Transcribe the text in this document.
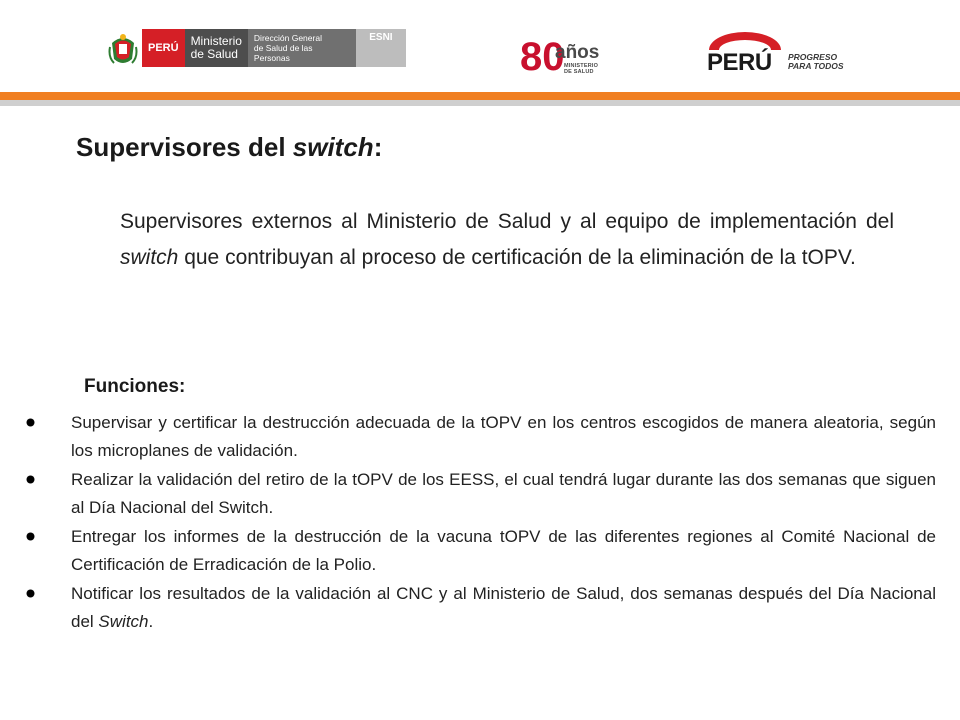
PERÚ	Ministerio
de Salud
Dirección General
de Salud de las Personas
ESNI	80
años
MINISTERIO
DE SALUD	PERÚ PROGRESO
PARA TODOS
Supervisores del switch:

Supervisores externos al Ministerio de Salud y al equipo de implementación del switch que contribuyan al proceso de certificación de la eliminación de la tOPV.

Funciones:
Supervisar y certificar la destrucción adecuada de la tOPV en los centros escogidos de manera aleatoria, según los microplanes de validación.
Realizar la validación del retiro de la tOPV de los EESS, el cual tendrá lugar durante las dos semanas que siguen al Día Nacional del Switch.
Entregar los informes de la destrucción de la vacuna tOPV de las diferentes regiones al Comité Nacional de Certificación de Erradicación de la Polio.
Notificar los resultados de la validación al CNC y al Ministerio de Salud, dos semanas después del Día Nacional del Switch.
